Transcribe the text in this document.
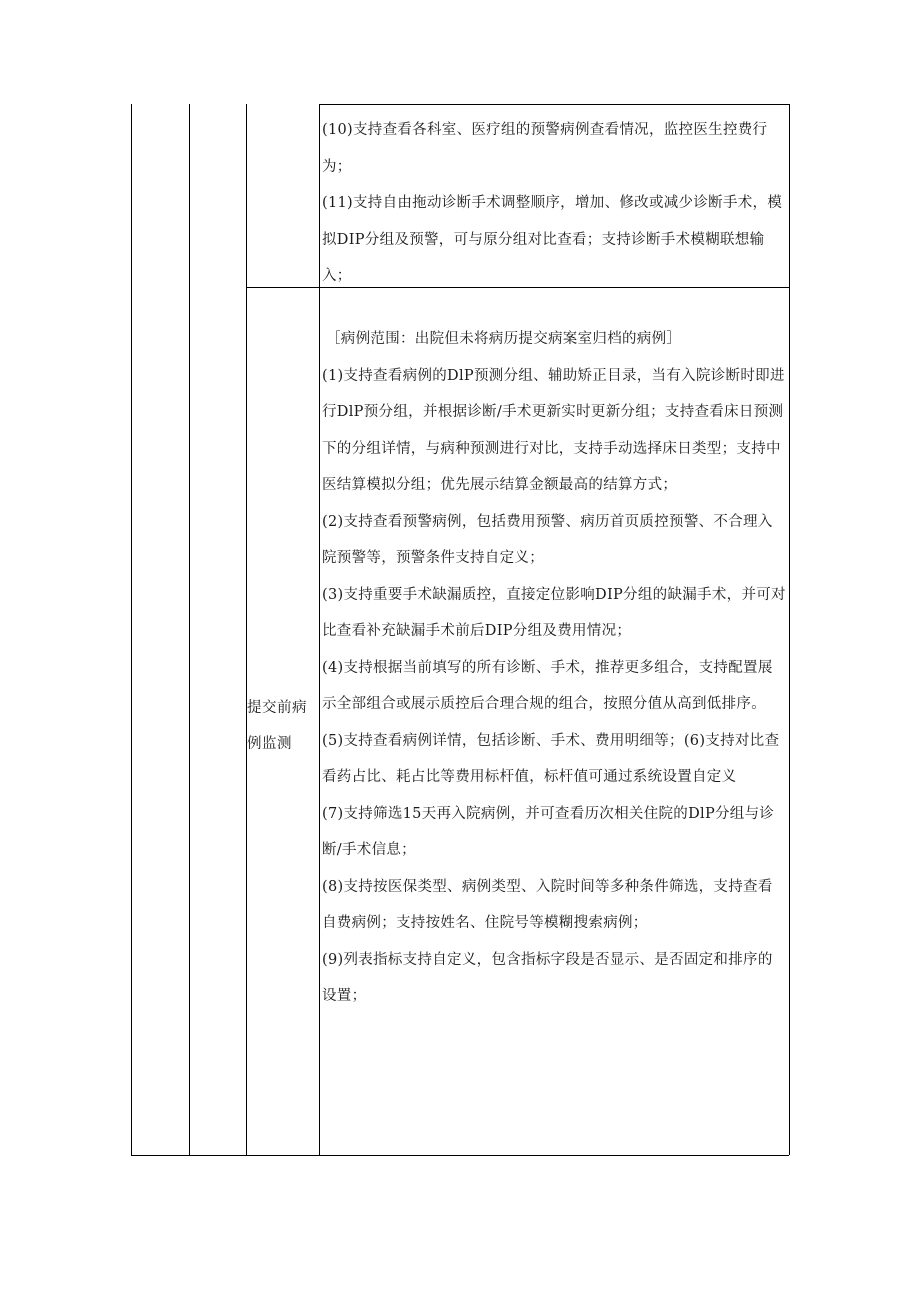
(10)支持查看各科室、医疗组的预警病例查看情况，监控医生控费行为；

(11)支持自由拖动诊断手术调整顺序，增加、修改或减少诊断手术，模拟DIP分组及预警，可与原分组对比查看；支持诊断手术模糊联想输入；

提交前病
例监测

［病例范围：出院但未将病历提交病案室归档的病例］

(1)支持查看病例的DlP预测分组、辅助矫正目录，当有入院诊断时即进行DlP预分组，并根据诊断/手术更新实时更新分组；支持查看床日预测下的分组详情，与病种预测进行对比，支持手动选择床日类型；支持中医结算模拟分组；优先展示结算金额最高的结算方式；

(2)支持查看预警病例，包括费用预警、病历首页质控预警、不合理入院预警等，预警条件支持自定义；

(3)支持重要手术缺漏质控，直接定位影响DIP分组的缺漏手术，并可对比查看补充缺漏手术前后DIP分组及费用情况；

(4)支持根据当前填写的所有诊断、手术，推荐更多组合，支持配置展示全部组合或展示质控后合理合规的组合，按照分值从高到低排序。

(5)支持查看病例详情，包括诊断、手术、费用明细等；(6)支持对比查看药占比、耗占比等费用标杆值，标杆值可通过系统设置自定义

(7)支持筛选15天再入院病例，并可查看历次相关住院的DlP分组与诊断/手术信息；

(8)支持按医保类型、病例类型、入院时间等多种条件筛选，支持查看自费病例；支持按姓名、住院号等模糊搜索病例；

(9)列表指标支持自定义，包含指标字段是否显示、是否固定和排序的设置；
